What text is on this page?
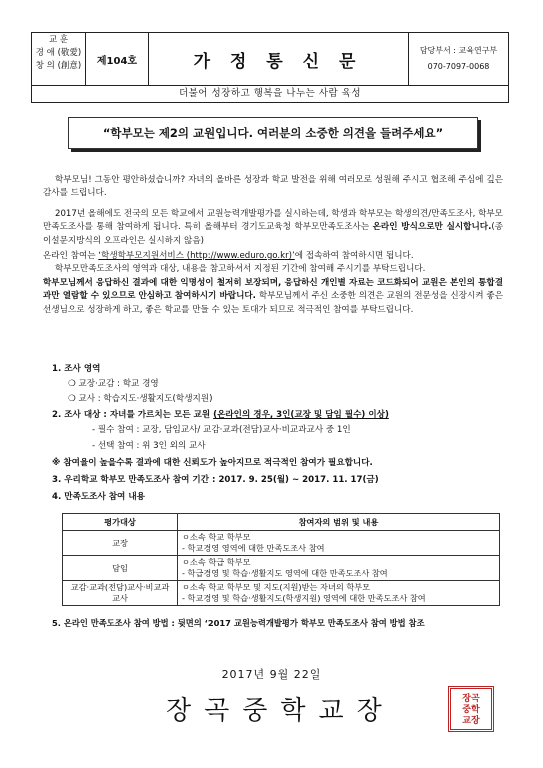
교 훈
경 애 (敬愛)
창 의 (創意)	제104호	가 정 통 신 문
담당부서 : 교육연구부
070-7097-0068
더불어 성장하고 행복을 나누는 사람 육성
“학부모는 제2의 교원입니다. 여러분의 소중한 의견을 들려주세요”
학부모님! 그동안 평안하셨습니까? 자녀의 올바른 성장과 학교 발전을 위해 여러모로 성원해 주시고 협조해 주심에 깊은 감사를 드립니다.
2017년 올해에도 전국의 모든 학교에서 교원능력개발평가를 실시하는데, 학생과 학부모는 학생의견/만족도조사, 학부모 만족도조사를 통해 참여하게 됩니다. 특히 올해부터 경기도교육청 학부모만족도조사는 온라인 방식으로만 실시합니다.(종이설문지방식의 오프라인은 실시하지 않음)
온라인 참여는 ‘학생학부모지원서비스 (http://www.eduro.go.kr)’에 접속하여 참여하시면 됩니다.
학부모만족도조사의 영역과 대상, 내용을 참고하셔서 지정된 기간에 참여해 주시기를 부탁드립니다.
학부모님께서 응답하신 결과에 대한 익명성이 철저히 보장되며, 응답하신 개인별 자료는 코드화되어 교원은 본인의 통합결과만 열람할 수 있으므로 안심하고 참여하시기 바랍니다. 학부모님께서 주신 소중한 의견은 교원의 전문성을 신장시켜 좋은 선생님으로 성장하게 하고, 좋은 학교를 만들 수 있는 토대가 되므로 적극적인 참여를 부탁드립니다.
1. 조사 영역
❍ 교장·교감 : 학교 경영
❍ 교사 : 학습지도·생활지도(학생지원)
2. 조사 대상 : 자녀를 가르치는 모든 교원 (온라인의 경우, 3인(교장 및 담임 필수) 이상)
- 필수 참여 : 교장, 담임교사/ 교감·교과(전담)교사·비교과교사 중 1인
- 선택 참여 : 위 3인 외의 교사
※ 참여율이 높을수록 결과에 대한 신뢰도가 높아지므로 적극적인 참여가 필요합니다.
3. 우리학교 학부모 만족도조사 참여 기간 : 2017. 9. 25(월) ~ 2017. 11. 17(금)
4. 만족도조사 참여 내용
평가대상	참여자의 범위 및 내용
교장	ㅇ소속 학교 학부모
- 학교경영 영역에 대한 만족도조사 참여

담임	ㅇ소속 학급 학부모
- 학급경영 및 학습·생활지도 영역에 대한 만족도조사 참여

교감·교과(전담)교사·비교과교사	ㅇ소속 학교 학부모 및 지도(지원)받는 자녀의 학부모
- 학교경영 및 학습·생활지도(학생지원) 영역에 대한 만족도조사 참여
5. 온라인 만족도조사 참여 방법 : 뒷면의 ‘2017 교원능력개발평가 학부모 만족도조사 참여 방법 참조
2017년 9월 22일
장곡중학교장	장곡
중학
교장
